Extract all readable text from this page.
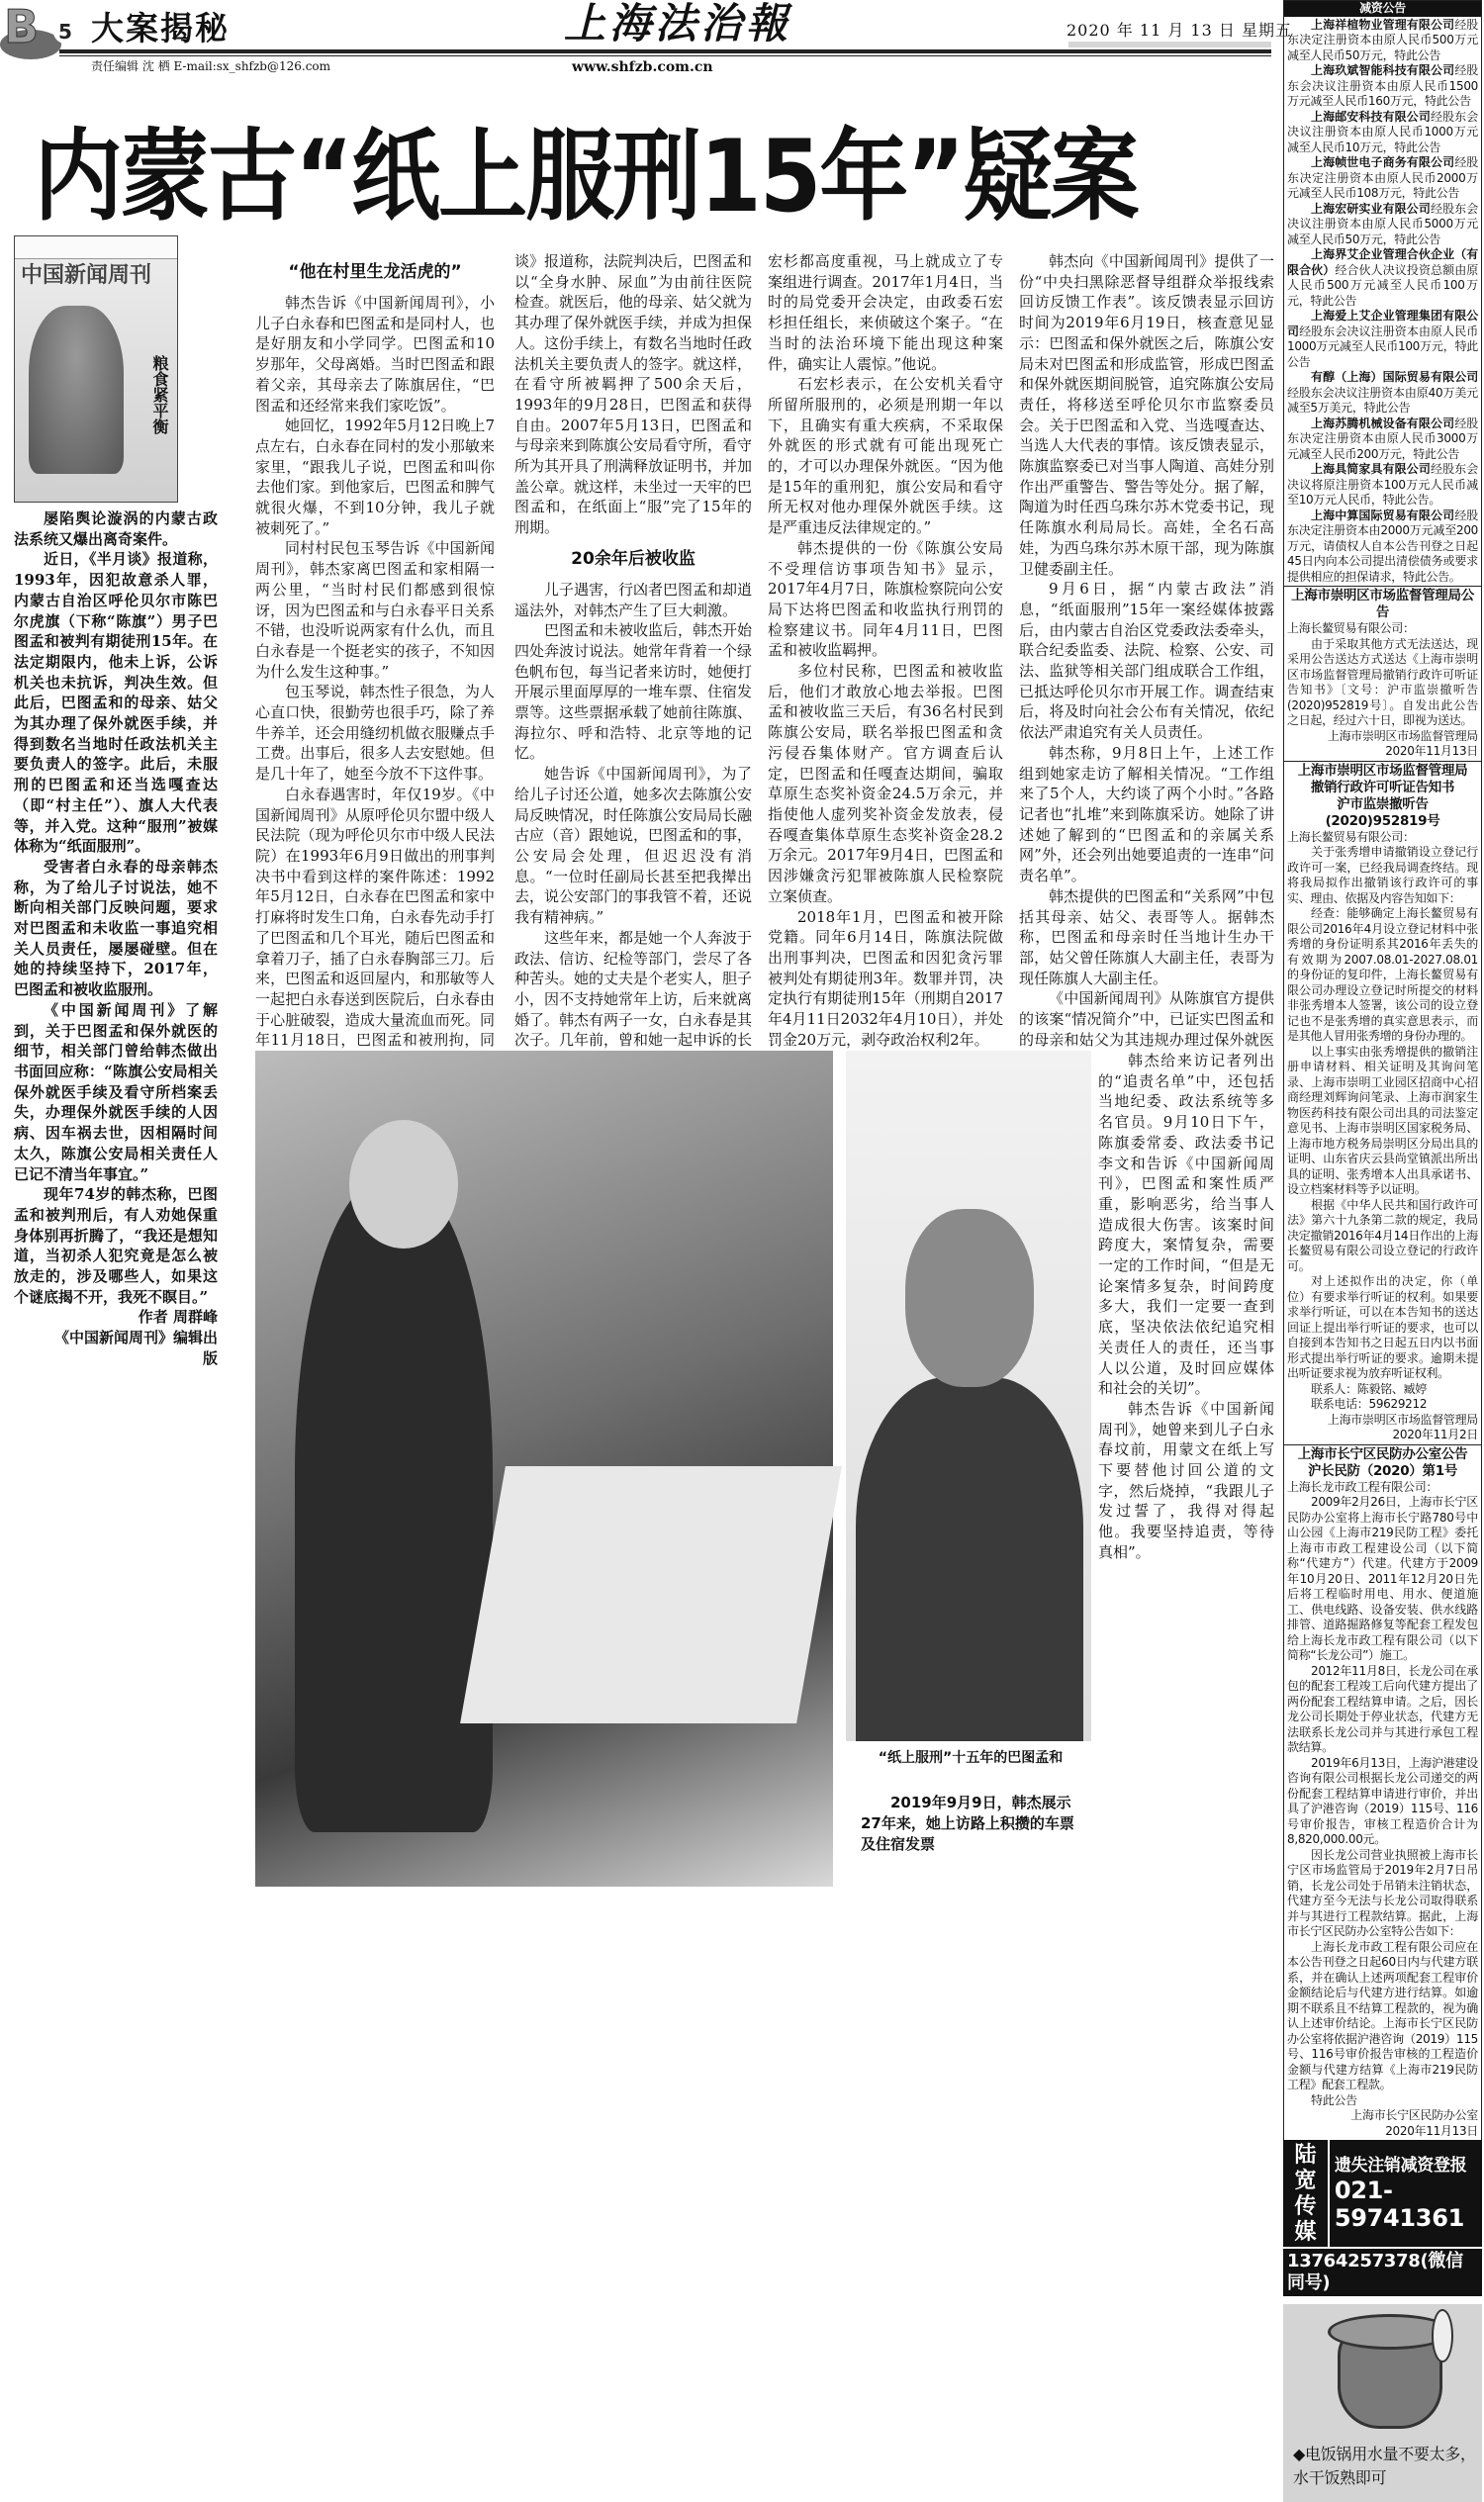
B 5 大案揭秘	上海法治報	2020 年 11 月 13 日 星期五
责任编辑 沈 栖 E-mail:sx_shfzb@126.com	www.shfzb.com.cn
内蒙古“纸上服刑15年”疑案
中国新闻周刊
粮食紧平衡

屡陷舆论漩涡的内蒙古政法系统又爆出离奇案件。

近日，《半月谈》报道称，1993年，因犯故意杀人罪，内蒙古自治区呼伦贝尔市陈巴尔虎旗（下称“陈旗”）男子巴图孟和被判有期徒刑15年。在法定期限内，他未上诉，公诉机关也未抗诉，判决生效。但此后，巴图孟和的母亲、姑父为其办理了保外就医手续，并得到数名当地时任政法机关主要负责人的签字。此后，未服刑的巴图孟和还当选嘎查达（即“村主任”）、旗人大代表等，并入党。这种“服刑”被媒体称为“纸面服刑”。

受害者白永春的母亲韩杰称，为了给儿子讨说法，她不断向相关部门反映问题，要求对巴图孟和未收监一事追究相关人员责任，屡屡碰壁。但在她的持续坚持下，2017年，巴图孟和被收监服刑。

《中国新闻周刊》了解到，关于巴图孟和保外就医的细节，相关部门曾给韩杰做出书面回应称：“陈旗公安局相关保外就医手续及看守所档案丢失，办理保外就医手续的人因病、因车祸去世，因相隔时间太久，陈旗公安局相关责任人已记不清当年事宜。”

现年74岁的韩杰称，巴图孟和被判刑后，有人劝她保重身体别再折腾了，“我还是想知道，当初杀人犯究竟是怎么被放走的，涉及哪些人，如果这个谜底揭不开，我死不瞑目。”

作者 周群峰

《中国新闻周刊》编辑出版

“他在村里生龙活虎的”

韩杰告诉《中国新闻周刊》，小儿子白永春和巴图孟和是同村人，也是好朋友和小学同学。巴图孟和10岁那年，父母离婚。当时巴图孟和跟着父亲，其母亲去了陈旗居住，“巴图孟和还经常来我们家吃饭”。

她回忆，1992年5月12日晚上7点左右，白永春在同村的发小那敏来家里，“跟我儿子说，巴图孟和叫你去他们家。到他家后，巴图孟和脾气就很火爆，不到10分钟，我儿子就被刺死了。”

同村村民包玉琴告诉《中国新闻周刊》，韩杰家离巴图孟和家相隔一两公里，“当时村民们都感到很惊讶，因为巴图孟和与白永春平日关系不错，也没听说两家有什么仇，而且白永春是一个挺老实的孩子，不知因为什么发生这种事。”

包玉琴说，韩杰性子很急，为人心直口快，很勤劳也很手巧，除了养牛养羊，还会用缝纫机做衣服赚点手工费。出事后，很多人去安慰她。但是几十年了，她至今放不下这件事。

白永春遇害时，年仅19岁。《中国新闻周刊》从原呼伦贝尔盟中级人民法院（现为呼伦贝尔市中级人民法院）在1993年6月9日做出的刑事判决书中看到这样的案件陈述：1992年5月12日，白永春在巴图孟和家中打麻将时发生口角，白永春先动手打了巴图孟和几个耳光，随后巴图孟和拿着刀子，插了白永春胸部三刀。后来，巴图孟和返回屋内，和那敏等人一起把白永春送到医院后，白永春由于心脏破裂，造成大量流血而死。同年11月18日，巴图孟和被刑拘，同

谈》报道称，法院判决后，巴图孟和以“全身水肿、尿血”为由前往医院检查。就医后，他的母亲、姑父就为其办理了保外就医手续，并成为担保人。这份手续上，有数名当地时任政法机关主要负责人的签字。就这样，在看守所被羁押了500余天后，1993年的9月28日，巴图孟和获得自由。2007年5月13日，巴图孟和与母亲来到陈旗公安局看守所，看守所为其开具了刑满释放证明书，并加盖公章。就这样，未坐过一天牢的巴图孟和，在纸面上“服”完了15年的刑期。

20余年后被收监

儿子遇害，行凶者巴图孟和却逍遥法外，对韩杰产生了巨大刺激。

巴图孟和未被收监后，韩杰开始四处奔波讨说法。她常年背着一个绿色帆布包，每当记者来访时，她便打开展示里面厚厚的一堆车票、住宿发票等。这些票据承载了她前往陈旗、海拉尔、呼和浩特、北京等地的记忆。

她告诉《中国新闻周刊》，为了给儿子讨还公道，她多次去陈旗公安局反映情况，时任陈旗公安局局长融古应（音）跟她说，巴图孟和的事，公安局会处理，但迟迟没有消息。“一位时任副局长甚至把我撵出去，说公安部门的事我管不着，还说我有精神病。”

这些年来，都是她一个人奔波于政法、信访、纪检等部门，尝尽了各种苦头。她的丈夫是个老实人，胆子小，因不支持她常年上访，后来就离婚了。韩杰有两子一女，白永春是其次子。几年前，曾和她一起申诉的长

宏杉都高度重视，马上就成立了专案组进行调查。2017年1月4日，当时的局党委开会决定，由政委石宏杉担任组长，来侦破这个案子。“在当时的法治环境下能出现这种案件，确实让人震惊。”他说。

石宏杉表示，在公安机关看守所留所服刑的，必须是刑期一年以下，且确实有重大疾病，不采取保外就医的形式就有可能出现死亡的，才可以办理保外就医。“因为他是15年的重刑犯，旗公安局和看守所无权对他办理保外就医手续。这是严重违反法律规定的。”

韩杰提供的一份《陈旗公安局不受理信访事项告知书》显示，2017年4月7日，陈旗检察院向公安局下达将巴图孟和收监执行刑罚的检察建议书。同年4月11日，巴图孟和被收监羁押。

多位村民称，巴图孟和被收监后，他们才敢放心地去举报。巴图孟和被收监三天后，有36名村民到陈旗公安局，联名举报巴图孟和贪污侵吞集体财产。官方调查后认定，巴图孟和任嘎查达期间，骗取草原生态奖补资金24.5万余元，并指使他人虚列奖补资金发放表，侵吞嘎查集体草原生态奖补资金28.2万余元。2017年9月4日，巴图孟和因涉嫌贪污犯罪被陈旗人民检察院立案侦查。

2018年1月，巴图孟和被开除党籍。同年6月14日，陈旗法院做出刑事判决，巴图孟和因犯贪污罪被判处有期徒刑3年。数罪并罚，决定执行有期徒刑15年（刑期自2017年4月11日2032年4月10日），并处罚金20万元，剥夺政治权利2年。

韩杰向《中国新闻周刊》提供了一份“中央扫黑除恶督导组群众举报线索回访反馈工作表”。该反馈表显示回访时间为2019年6月19日，核查意见显示：巴图孟和保外就医之后，陈旗公安局未对巴图孟和形成监管，形成巴图孟和保外就医期间脱管，追究陈旗公安局责任，将移送至呼伦贝尔市监察委员会。关于巴图孟和入党、当选嘎查达、当选人大代表的事情。该反馈表显示，陈旗监察委已对当事人陶道、高娃分别作出严重警告、警告等处分。据了解，陶道为时任西乌珠尔苏木党委书记，现任陈旗水利局局长。高娃，全名石高娃，为西乌珠尔苏木原干部，现为陈旗卫健委副主任。

9月6日，据“内蒙古政法”消息，“纸面服刑”15年一案经媒体披露后，由内蒙古自治区党委政法委牵头，联合纪委监委、法院、检察、公安、司法、监狱等相关部门组成联合工作组，已抵达呼伦贝尔市开展工作。调查结束后，将及时向社会公布有关情况，依纪依法严肃追究有关人员责任。

韩杰称，9月8日上午，上述工作组到她家走访了解相关情况。“工作组来了5个人，大约谈了两个小时。”各路记者也“扎堆”来到陈旗采访。她除了讲述她了解到的“巴图孟和的亲属关系网”外，还会列出她要追责的一连串“问责名单”。

韩杰提供的巴图孟和“关系网”中包括其母亲、姑父、表哥等人。据韩杰称，巴图孟和母亲时任当地计生办干部，姑父曾任陈旗人大副主任，表哥为现任陈旗人大副主任。

《中国新闻周刊》从陈旗官方提供的该案“情况简介”中，已证实巴图孟和的母亲和姑父为其违规办理过保外就医

韩杰给来访记者列出的“追责名单”中，还包括当地纪委、政法系统等多名官员。9月10日下午，陈旗委常委、政法委书记李文和告诉《中国新闻周刊》，巴图孟和案性质严重，影响恶劣，给当事人造成很大伤害。该案时间跨度大，案情复杂，需要一定的工作时间，“但是无论案情多复杂，时间跨度多大，我们一定要一查到底，坚决依法依纪追究相关责任人的责任，还当事人以公道，及时回应媒体和社会的关切”。

韩杰告诉《中国新闻周刊》，她曾来到儿子白永春坟前，用蒙文在纸上写下要替他讨回公道的文字，然后烧掉，“我跟儿子发过誓了，我得对得起他。我要坚持追责，等待真相”。

“纸上服刑”十五年的巴图孟和
2019年9月9日，韩杰展示27年来，她上访路上积攒的车票及住宿发票
减资公告

上海祥楦物业管理有限公司经股东决定注册资本由原人民币500万元减至人民币50万元，特此公告

上海玖斌智能科技有限公司经股东会决议注册资本由原人民币1500万元减至人民币160万元，特此公告

上海邮安科技有限公司经股东会决议注册资本由原人民币1000万元减至人民币10万元，特此公告

上海帧世电子商务有限公司经股东决定注册资本由原人民币2000万元减至人民币108万元，特此公告

上海宏研实业有限公司经股东会决议注册资本由原人民币5000万元减至人民币50万元，特此公告

上海界艾企业管理合伙企业（有限合伙）经合伙人决议投资总额由原人民币500万元减至人民币100万元，特此公告

上海爱上艾企业管理集团有限公司经股东会决议注册资本由原人民币1000万元减至人民币100万元，特此公告

有醇（上海）国际贸易有限公司经股东会决议注册资本由原40万美元减至5万美元，特此公告

上海苏腾机械设备有限公司经股东决定注册资本由原人民币3000万元减至人民币200万元，特此公告

上海具简家具有限公司经股东会决议将原注册资本100万元人民币减至10万元人民币，特此公告。

上海中算国际贸易有限公司经股东决定注册资本由2000万元减至200万元，请债权人自本公告刊登之日起45日内向本公司提出清偿债务或要求提供相应的担保请求，特此公告。

上海市崇明区市场监督管理局公告

上海长鳌贸易有限公司：

由于采取其他方式无法送达，现采用公告送达方式送达《上海市崇明区市场监督管理局撤销行政许可听证告知书》〔文号：沪市监崇撤听告(2020)952819号〕。自发出此公告之日起，经过六十日，即视为送达。

上海市崇明区市场监督管理局

2020年11月13日

上海市崇明区市场监督管理局

撤销行政许可听证告知书

沪市监崇撤听告(2020)952819号

上海长鳌贸易有限公司：

关于张秀增申请撤销设立登记行政许可一案，已经我局调查终结。现将我局拟作出撤销该行政许可的事实、理由、依据及内容告知如下：

经查：能够确定上海长鳌贸易有限公司2016年4月设立登记材料中张秀增的身份证明系其2016年丢失的有效期为2007.08.01-2027.08.01的身份证的复印件，上海长鳌贸易有限公司办理设立登记时所提交的材料非张秀增本人签署，该公司的设立登记也不是张秀增的真实意思表示，而是其他人冒用张秀增的身份办理的。

以上事实由张秀增提供的撤销注册申请材料、相关证明及其询问笔录、上海市崇明工业园区招商中心招商经理刘辉询问笔录、上海市润家生物医药科技有限公司出具的司法鉴定意见书、上海市崇明区国家税务局、上海市地方税务局崇明区分局出具的证明、山东省庆云县尚堂镇派出所出具的证明、张秀增本人出具承诺书、设立档案材料等予以证明。

根据《中华人民共和国行政许可法》第六十九条第二款的规定，我局决定撤销2016年4月14日作出的上海长鳌贸易有限公司设立登记的行政许可。

对上述拟作出的决定，你（单位）有要求举行听证的权利。如果要求举行听证，可以在本告知书的送达回证上提出举行听证的要求，也可以自接到本告知书之日起五日内以书面形式提出举行听证的要求。逾期未提出听证要求视为放弃听证权利。

联系人：陈毅铭、臧婷

联系电话：59629212

上海市崇明区市场监督管理局

2020年11月2日

上海市长宁区民防办公室公告

沪长民防（2020）第1号

上海长龙市政工程有限公司：

2009年2月26日，上海市长宁区民防办公室将上海市长宁路780号中山公园《上海市219民防工程》委托上海市市政工程建设公司（以下简称“代建方”）代建。代建方于2009年10月20日、2011年12月20日先后将工程临时用电、用水、便道施工、供电线路、设备安装、供水线路排管、道路掘路修复等配套工程发包给上海长龙市政工程有限公司（以下简称“长龙公司”）施工。

2012年11月8日，长龙公司在承包的配套工程竣工后向代建方提出了两份配套工程结算申请。之后，因长龙公司长期处于停业状态，代建方无法联系长龙公司并与其进行承包工程款结算。

2019年6月13日，上海沪港建设咨询有限公司根据长龙公司递交的两份配套工程结算申请进行审价，并出具了沪港咨询（2019）115号、116号审价报告，审核工程造价合计为8,820,000.00元。

因长龙公司营业执照被上海市长宁区市场监管局于2019年2月7日吊销，长龙公司处于吊销未注销状态，代建方至今无法与长龙公司取得联系并与其进行工程款结算。据此，上海市长宁区民防办公室特公告如下：

上海长龙市政工程有限公司应在本公告刊登之日起60日内与代建方联系，并在确认上述两项配套工程审价金额结论后与代建方进行结算。如逾期不联系且不结算工程款的，视为确认上述审价结论。上海市长宁区民防办公室将依据沪港咨询（2019）115号、116号审价报告审核的工程造价金额与代建方结算《上海市219民防工程》配套工程款。

特此公告

上海市长宁区民防办公室

2020年11月13日

陆宽传媒
遗失注销减资登报
021-59741361
13764257378(微信同号)
◆电饭锅用水量不要太多，水干饭熟即可
